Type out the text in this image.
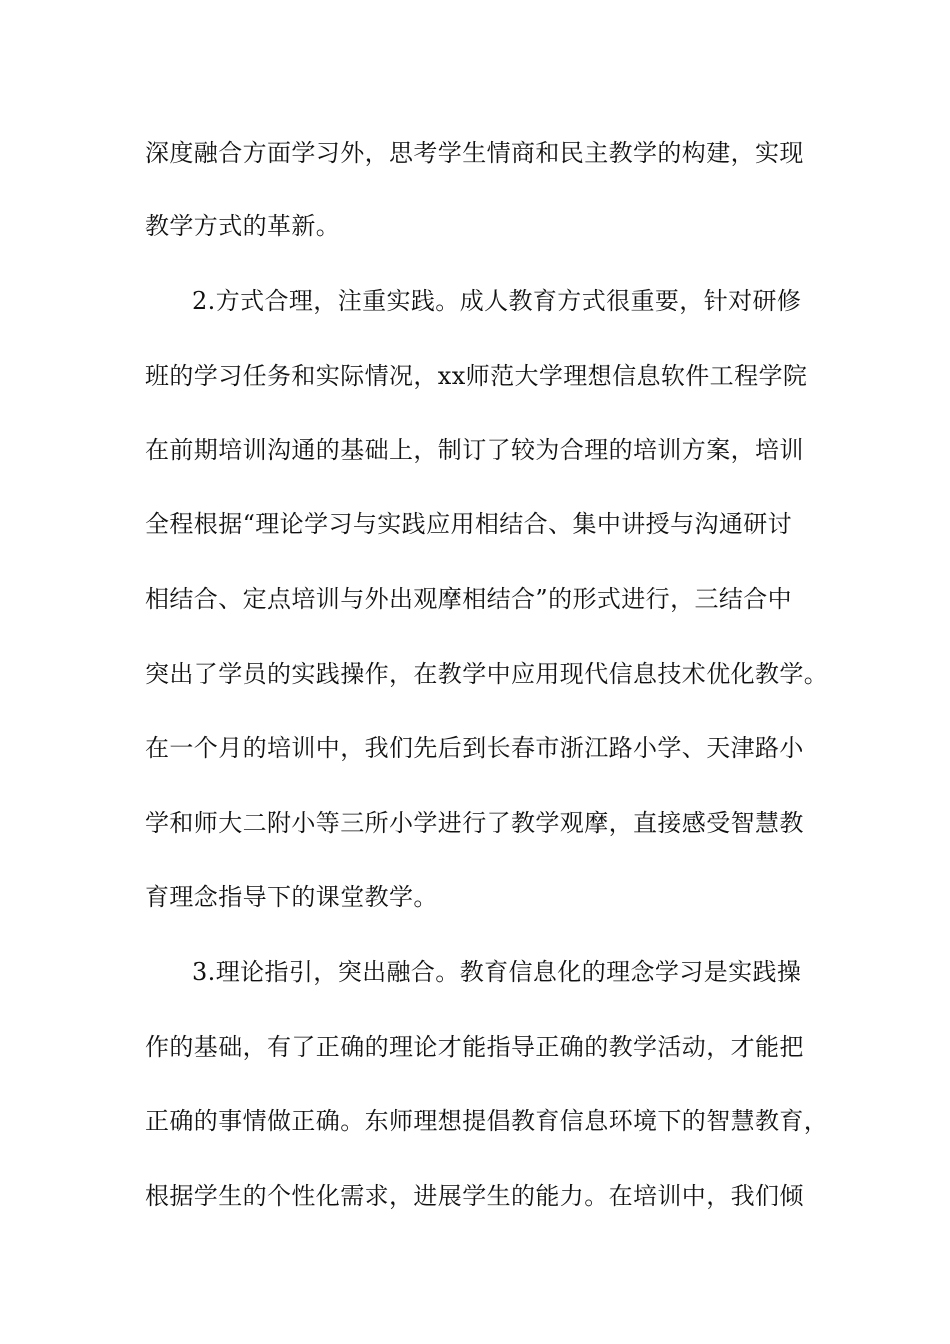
深度融合方面学习外，思考学生情商和民主教学的构建，实现
教学方式的革新。
2.方式合理，注重实践。成人教育方式很重要，针对研修
班的学习任务和实际情况，xx师范大学理想信息软件工程学院
在前期培训沟通的基础上，制订了较为合理的培训方案，培训
全程根据“理论学习与实践应用相结合、集中讲授与沟通研讨
相结合、定点培训与外出观摩相结合”的形式进行，三结合中
突出了学员的实践操作，在教学中应用现代信息技术优化教学。
在一个月的培训中，我们先后到长春市浙江路小学、天津路小
学和师大二附小等三所小学进行了教学观摩，直接感受智慧教
育理念指导下的课堂教学。
3.理论指引，突出融合。教育信息化的理念学习是实践操
作的基础，有了正确的理论才能指导正确的教学活动，才能把
正确的事情做正确。东师理想提倡教育信息环境下的智慧教育，
根据学生的个性化需求，进展学生的能力。在培训中，我们倾
